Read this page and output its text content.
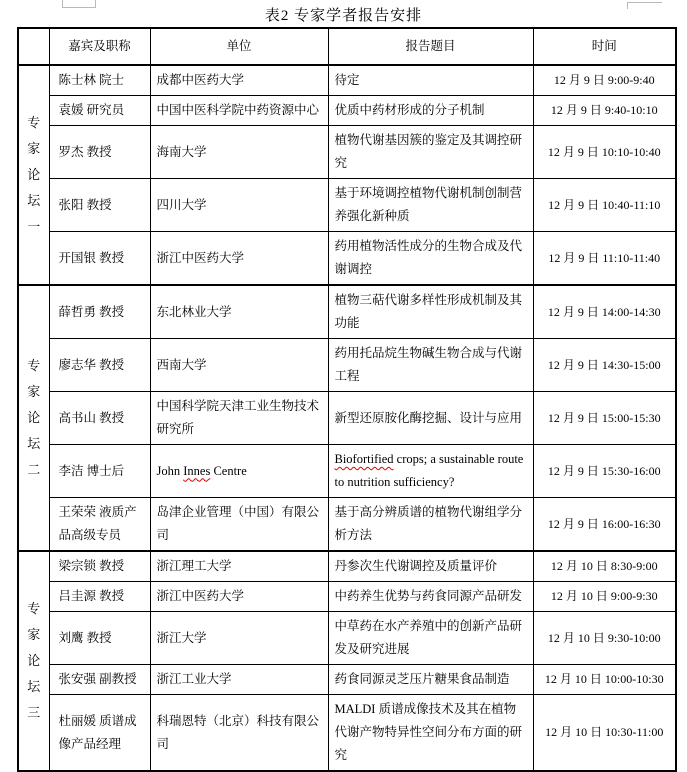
表2 专家学者报告安排
	嘉宾及职称	单位	报告题目	时间

专家论坛一	陈士林 院士	成都中医药大学	待定	12 月 9 日 9:00-9:40
	袁媛 研究员	中国中医科学院中药资源中心	优质中药材形成的分子机制	12 月 9 日 9:40-10:10
	罗杰 教授	海南大学	植物代谢基因簇的鉴定及其调控研究	12 月 9 日 10:10-10:40
	张阳 教授	四川大学	基于环境调控植物代谢机制创制营养强化新种质	12 月 9 日 10:40-11:10
	开国银 教授	浙江中医药大学	药用植物活性成分的生物合成及代谢调控	12 月 9 日 11:10-11:40

专家论坛二	薛哲勇 教授	东北林业大学	植物三萜代谢多样性形成机制及其功能	12 月 9 日 14:00-14:30
	廖志华 教授	西南大学	药用托品烷生物碱生物合成与代谢工程	12 月 9 日 14:30-15:00
	高书山 教授	中国科学院天津工业生物技术研究所	新型还原胺化酶挖掘、设计与应用	12 月 9 日 15:00-15:30
	李洁 博士后	John Innes Centre	Biofortified crops; a sustainable route to nutrition sufficiency?	12 月 9 日 15:30-16:00
	王荣荣 液质产品高级专员	岛津企业管理（中国）有限公司	基于高分辨质谱的植物代谢组学分析方法	12 月 9 日 16:00-16:30

专家论坛三	梁宗锁 教授	浙江理工大学	丹参次生代谢调控及质量评价	12 月 10 日 8:30-9:00
	吕圭源 教授	浙江中医药大学	中药养生优势与药食同源产品研发	12 月 10 日 9:00-9:30
	刘鹰 教授	浙江大学	中草药在水产养殖中的创新产品研发及研究进展	12 月 10 日 9:30-10:00
	张安强 副教授	浙江工业大学	药食同源灵芝压片糖果食品制造	12 月 10 日 10:00-10:30
	杜丽媛 质谱成像产品经理	科瑞恩特（北京）科技有限公司	MALDI 质谱成像技术及其在植物代谢产物特异性空间分布方面的研究	12 月 10 日 10:30-11:00
